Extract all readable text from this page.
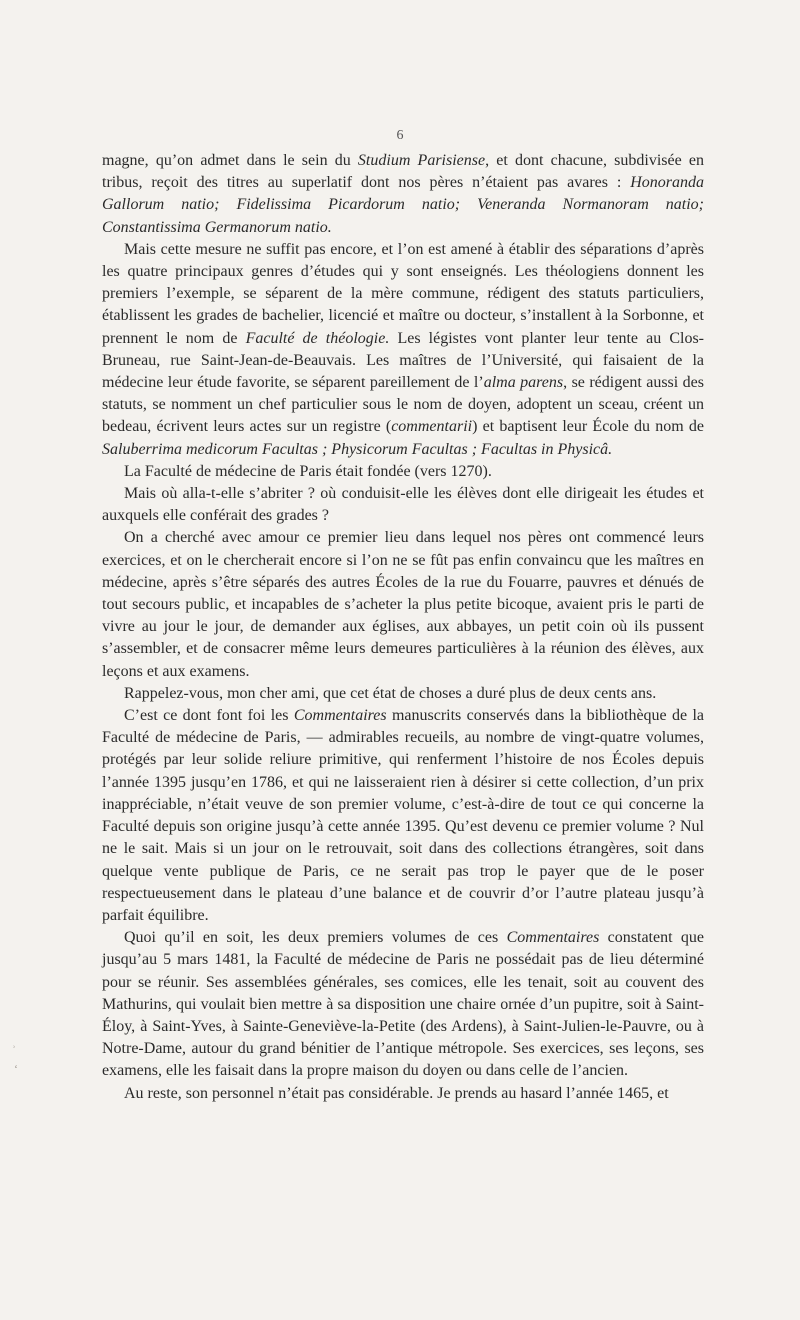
6

magne, qu’on admet dans le sein du Studium Parisiense, et dont chacune, subdivisée en tribus, reçoit des titres au superlatif dont nos pères n’étaient pas avares : Honoranda Gallorum natio; Fidelissima Picardorum natio; Veneranda Normanoram natio; Constantissima Germanorum natio.

Mais cette mesure ne suffit pas encore, et l’on est amené à établir des séparations d’après les quatre principaux genres d’études qui y sont enseignés. Les théologiens donnent les premiers l’exemple, se séparent de la mère commune, rédigent des statuts particuliers, établissent les grades de bachelier, licencié et maître ou docteur, s’installent à la Sorbonne, et prennent le nom de Faculté de théologie. Les légistes vont planter leur tente au Clos-Bruneau, rue Saint-Jean-de-Beauvais. Les maîtres de l’Université, qui faisaient de la médecine leur étude favorite, se séparent pareillement de l’alma parens, se rédigent aussi des statuts, se nomment un chef particulier sous le nom de doyen, adoptent un sceau, créent un bedeau, écrivent leurs actes sur un registre (commentarii) et baptisent leur École du nom de Saluberrima medicorum Facultas ; Physicorum Facultas ; Facultas in Physicâ.

La Faculté de médecine de Paris était fondée (vers 1270).

Mais où alla-t-elle s’abriter ? où conduisit-elle les élèves dont elle dirigeait les études et auxquels elle conférait des grades ?

On a cherché avec amour ce premier lieu dans lequel nos pères ont commencé leurs exercices, et on le chercherait encore si l’on ne se fût pas enfin convaincu que les maîtres en médecine, après s’être séparés des autres Écoles de la rue du Fouarre, pauvres et dénués de tout secours public, et incapables de s’acheter la plus petite bicoque, avaient pris le parti de vivre au jour le jour, de demander aux églises, aux abbayes, un petit coin où ils pussent s’assembler, et de consacrer même leurs demeures particulières à la réunion des élèves, aux leçons et aux examens.

Rappelez-vous, mon cher ami, que cet état de choses a duré plus de deux cents ans.

C’est ce dont font foi les Commentaires manuscrits conservés dans la bibliothèque de la Faculté de médecine de Paris, — admirables recueils, au nombre de vingt-quatre volumes, protégés par leur solide reliure primitive, qui renferment l’histoire de nos Écoles depuis l’année 1395 jusqu’en 1786, et qui ne laisseraient rien à désirer si cette collection, d’un prix inappréciable, n’était veuve de son premier volume, c’est-à-dire de tout ce qui concerne la Faculté depuis son origine jusqu’à cette année 1395. Qu’est devenu ce premier volume ? Nul ne le sait. Mais si un jour on le retrouvait, soit dans des collections étrangères, soit dans quelque vente publique de Paris, ce ne serait pas trop le payer que de le poser respectueusement dans le plateau d’une balance et de couvrir d’or l’autre plateau jusqu’à parfait équilibre.

Quoi qu’il en soit, les deux premiers volumes de ces Commentaires constatent que jusqu’au 5 mars 1481, la Faculté de médecine de Paris ne possédait pas de lieu déterminé pour se réunir. Ses assemblées générales, ses comices, elle les tenait, soit au couvent des Mathurins, qui voulait bien mettre à sa disposition une chaire ornée d’un pupitre, soit à Saint-Éloy, à Saint-Yves, à Sainte-Geneviève-la-Petite (des Ardens), à Saint-Julien-le-Pauvre, ou à Notre-Dame, autour du grand bénitier de l’antique métropole. Ses exercices, ses leçons, ses examens, elle les faisait dans la propre maison du doyen ou dans celle de l’ancien.

Au reste, son personnel n’était pas considérable. Je prends au hasard l’année 1465, et

ʾ
ʻ
